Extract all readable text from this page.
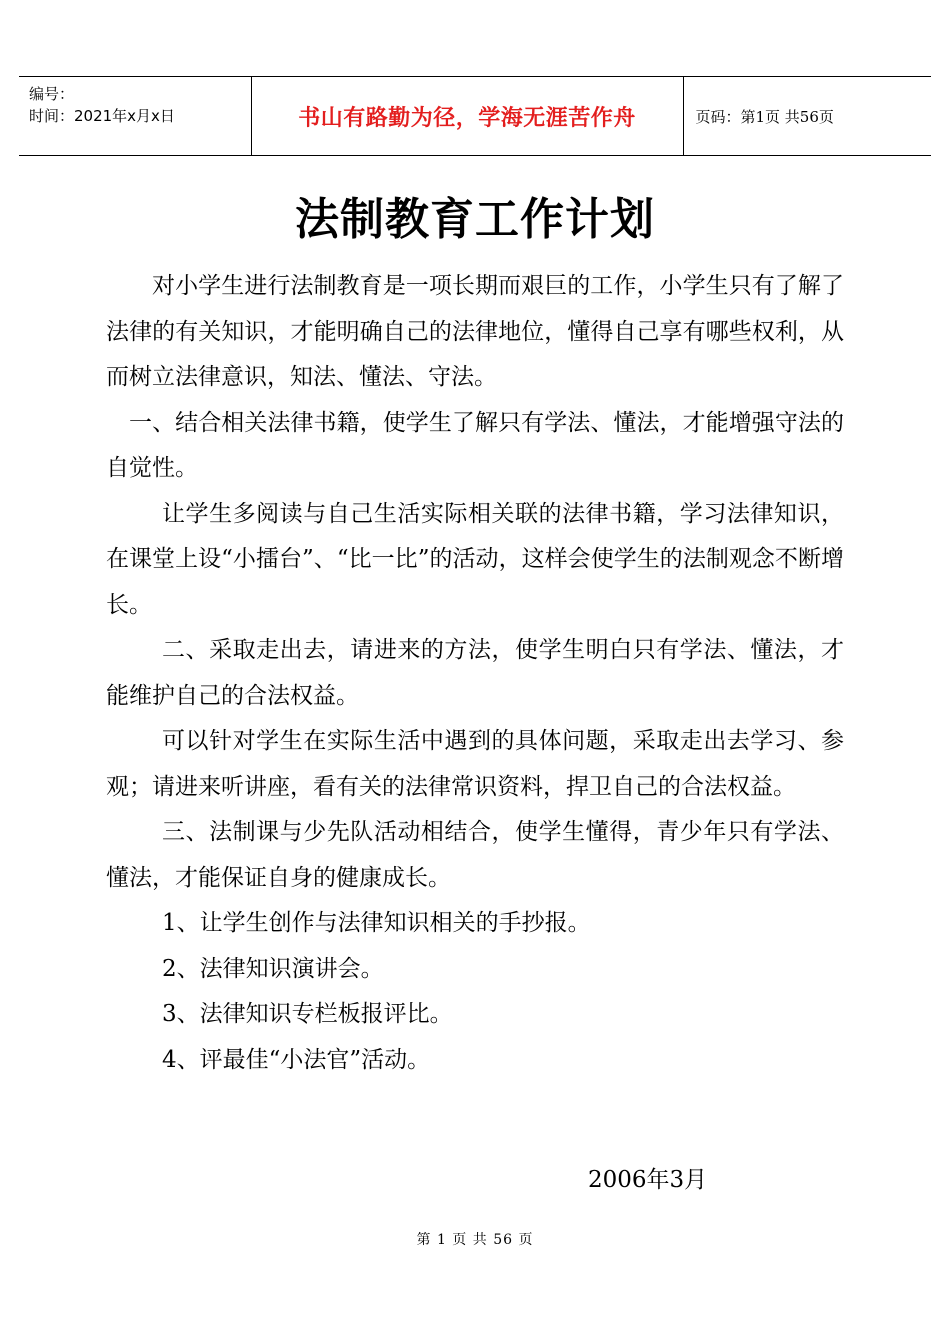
编号：
时间：2021年x月x日	书山有路勤为径，学海无涯苦作舟	页码：第1页 共56页
法制教育工作计划

对小学生进行法制教育是一项长期而艰巨的工作，小学生只有了解了法律的有关知识，才能明确自己的法律地位，懂得自己享有哪些权利，从而树立法律意识，知法、懂法、守法。

一、结合相关法律书籍，使学生了解只有学法、懂法，才能增强守法的自觉性。

让学生多阅读与自己生活实际相关联的法律书籍，学习法律知识，在课堂上设“小擂台”、“比一比”的活动，这样会使学生的法制观念不断增长。

二、采取走出去，请进来的方法，使学生明白只有学法、懂法，才能维护自己的合法权益。

可以针对学生在实际生活中遇到的具体问题，采取走出去学习、参观；请进来听讲座，看有关的法律常识资料，捍卫自己的合法权益。

三、法制课与少先队活动相结合，使学生懂得，青少年只有学法、懂法，才能保证自身的健康成长。

1、让学生创作与法律知识相关的手抄报。

2、法律知识演讲会。

3、法律知识专栏板报评比。

4、评最佳“小法官”活动。

2006年3月
第 1 页 共 56 页
